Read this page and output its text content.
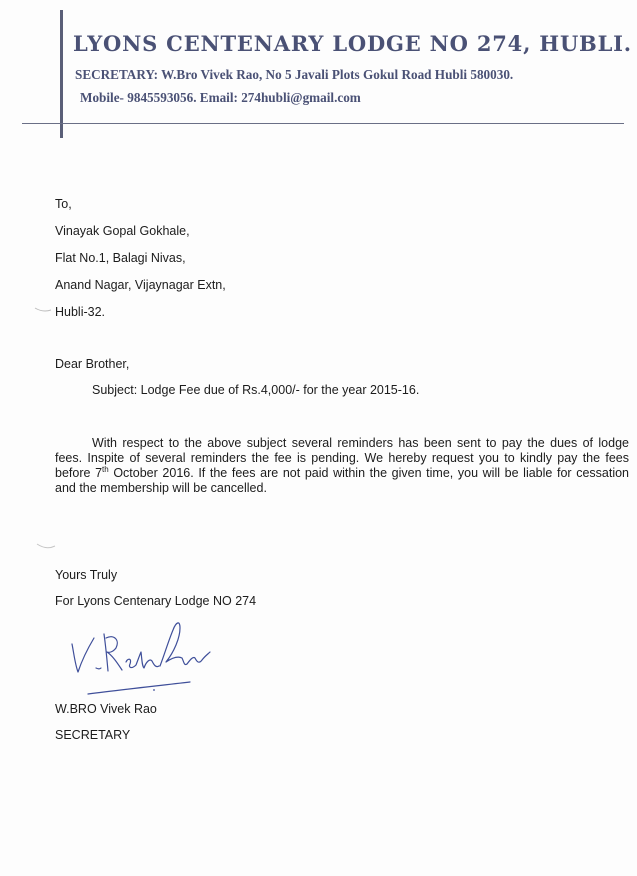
LYONS CENTENARY LODGE NO 274, HUBLI.
SECRETARY: W.Bro Vivek Rao, No 5 Javali Plots Gokul Road Hubli 580030.
Mobile- 9845593056. Email: 274hubli@gmail.com
To,
Vinayak Gopal Gokhale,
Flat No.1, Balagi Nivas,
Anand Nagar, Vijaynagar Extn,
Hubli-32.
Dear Brother,
Subject: Lodge Fee due of Rs.4,000/- for the year 2015-16.
With respect to the above subject several reminders has been sent to pay the dues of lodge fees. Inspite of several reminders the fee is pending. We hereby request you to kindly pay the fees before 7th October 2016. If the fees are not paid within the given time, you will be liable for cessation and the membership will be cancelled.
Yours Truly
For Lyons Centenary Lodge NO 274
W.BRO Vivek Rao
SECRETARY
